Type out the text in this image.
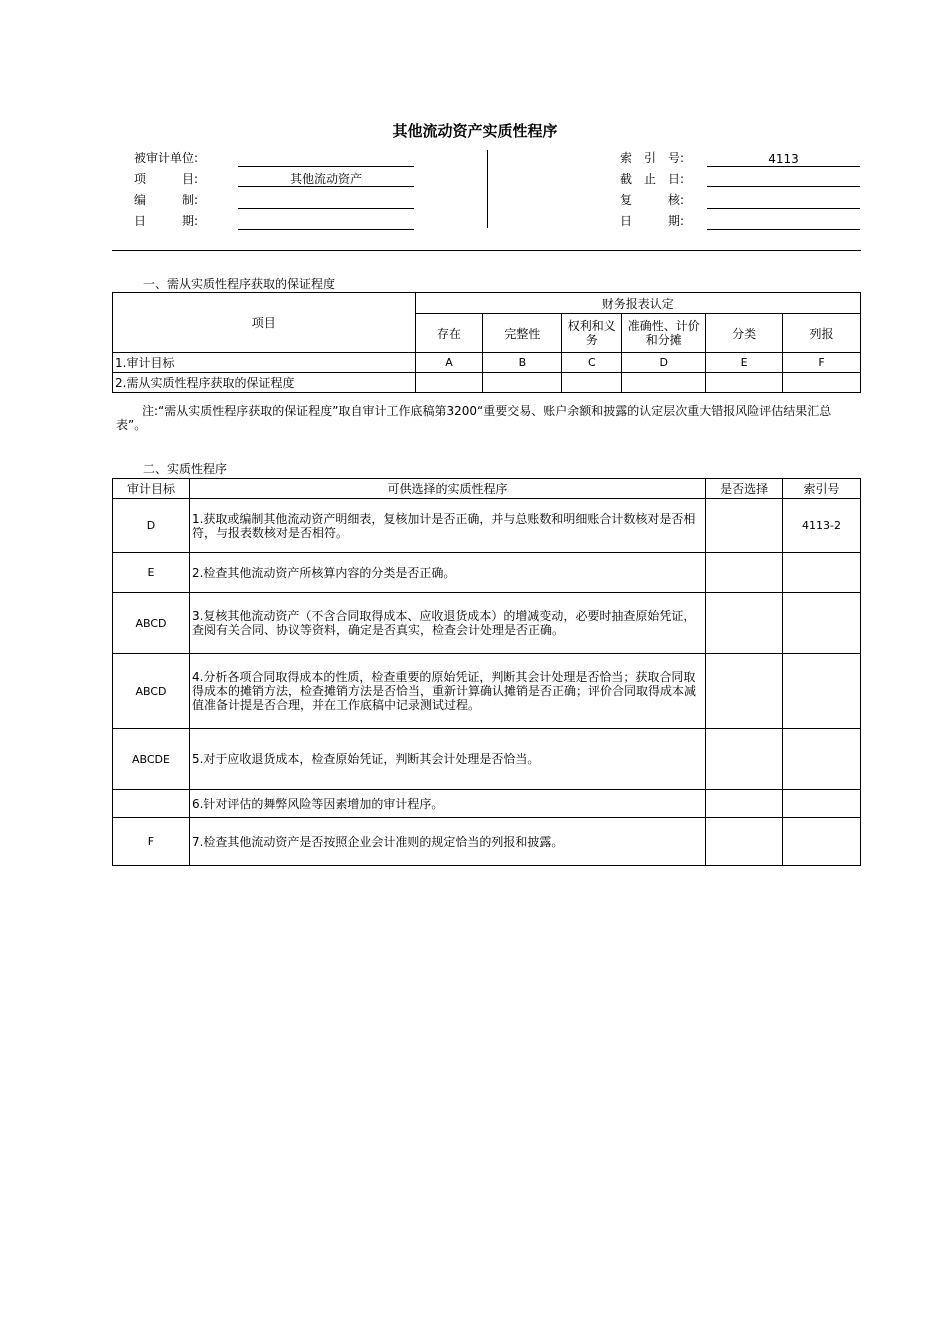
其他流动资产实质性程序
被审计单位:
项　　　目:	其他流动资产
编　　　制:
日　　　期:
索　引　号:	4113
截　止　日:
复　　　核:
日　　　期:
一、需从实质性程序获取的保证程度
项目	财务报表认定					
	存在	完整性	权利和义务	准确性、计价和分摊	分类	列报
1.审计目标	A	B	C	D	E	F
2.需从实质性程序获取的保证程度						
注:“需从实质性程序获取的保证程度”取自审计工作底稿第3200“重要交易、账户余额和披露的认定层次重大错报风险评估结果汇总表”。
二、实质性程序
审计目标	可供选择的实质性程序	是否选择	索引号
D	1.获取或编制其他流动资产明细表，复核加计是否正确，并与总账数和明细账合计数核对是否相符，与报表数核对是否相符。		4113-2
E	2.检查其他流动资产所核算内容的分类是否正确。		
ABCD	3.复核其他流动资产（不含合同取得成本、应收退货成本）的增减变动，必要时抽查原始凭证，查阅有关合同、协议等资料，确定是否真实，检查会计处理是否正确。		
ABCD	4.分析各项合同取得成本的性质，检查重要的原始凭证，判断其会计处理是否恰当；获取合同取得成本的摊销方法，检查摊销方法是否恰当，重新计算确认摊销是否正确；评价合同取得成本减值准备计提是否合理，并在工作底稿中记录测试过程。		
ABCDE	5.对于应收退货成本，检查原始凭证，判断其会计处理是否恰当。		
	6.针对评估的舞弊风险等因素增加的审计程序。		
F	7.检查其他流动资产是否按照企业会计准则的规定恰当的列报和披露。		
